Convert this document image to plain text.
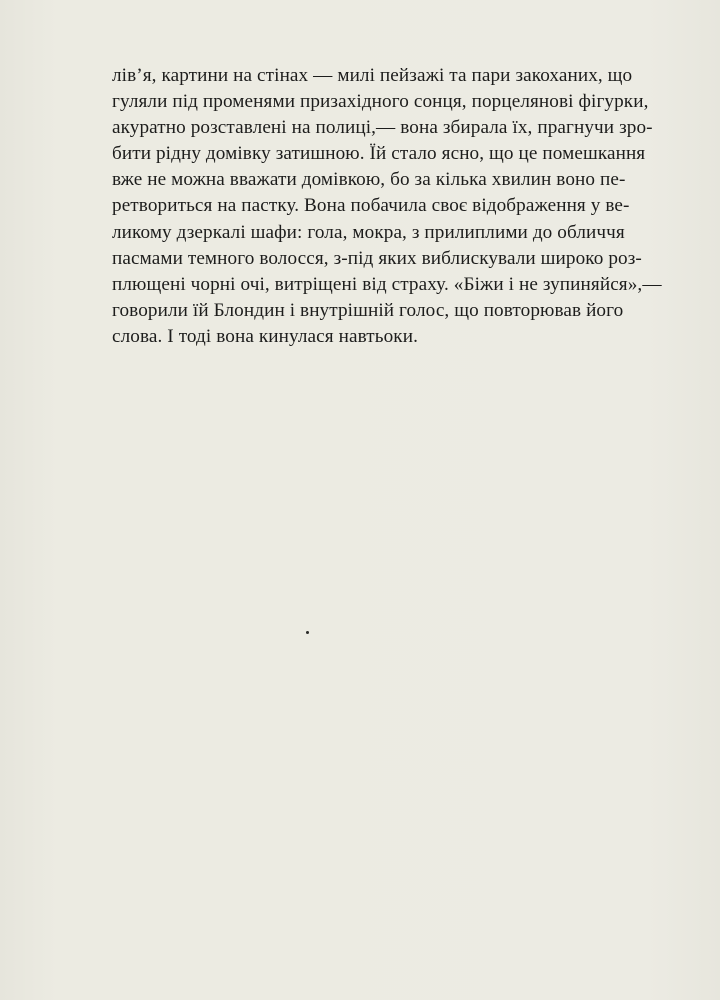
лів’я, картини на стінах — милі пейзажі та пари закоханих, що
гуляли під променями призахідного сонця, порцелянові фігурки,
акуратно розставлені на полиці,— вона збирала їх, прагнучи зро-
бити рідну домівку затишною. Їй стало ясно, що це помешкання
вже не можна вважати домівкою, бо за кілька хвилин воно пе-
ретвориться на пастку. Вона побачила своє відображення у ве-
ликому дзеркалі шафи: гола, мокра, з прилиплими до обличчя
пасмами темного волосся, з-під яких виблискували широко роз-
плющені чорні очі, витріщені від страху. «Біжи і не зупиняйся»,—
говорили їй Блондин і внутрішній голос, що повторював його
слова. І тоді вона кинулася навтьоки.
